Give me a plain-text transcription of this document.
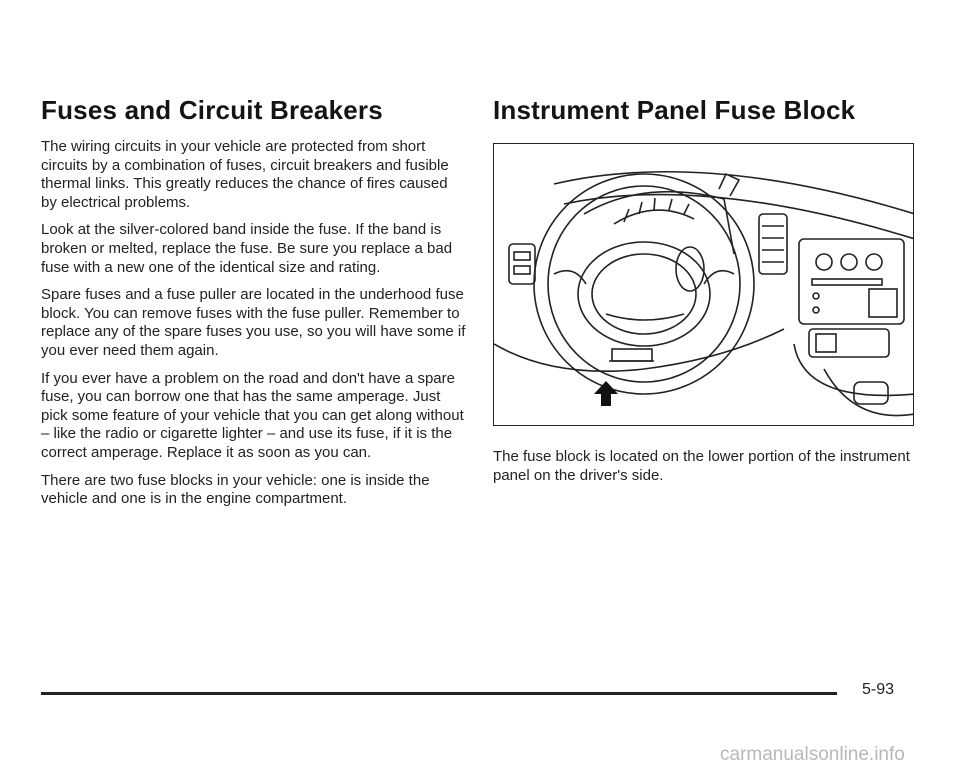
Fuses and Circuit Breakers

The wiring circuits in your vehicle are protected from short circuits by a combination of fuses, circuit breakers and fusible thermal links. This greatly reduces the chance of fires caused by electrical problems.

Look at the silver-colored band inside the fuse. If the band is broken or melted, replace the fuse. Be sure you replace a bad fuse with a new one of the identical size and rating.

Spare fuses and a fuse puller are located in the underhood fuse block. You can remove fuses with the fuse puller. Remember to replace any of the spare fuses you use, so you will have some if you ever need them again.

If you ever have a problem on the road and don't have a spare fuse, you can borrow one that has the same amperage. Just pick some feature of your vehicle that you can get along without – like the radio or cigarette lighter – and use its fuse, if it is the correct amperage. Replace it as soon as you can.

There are two fuse blocks in your vehicle: one is inside the vehicle and one is in the engine compartment.

Instrument Panel Fuse Block

The fuse block is located on the lower portion of the instrument panel on the driver's side.

5-93
carmanualsonline.info
